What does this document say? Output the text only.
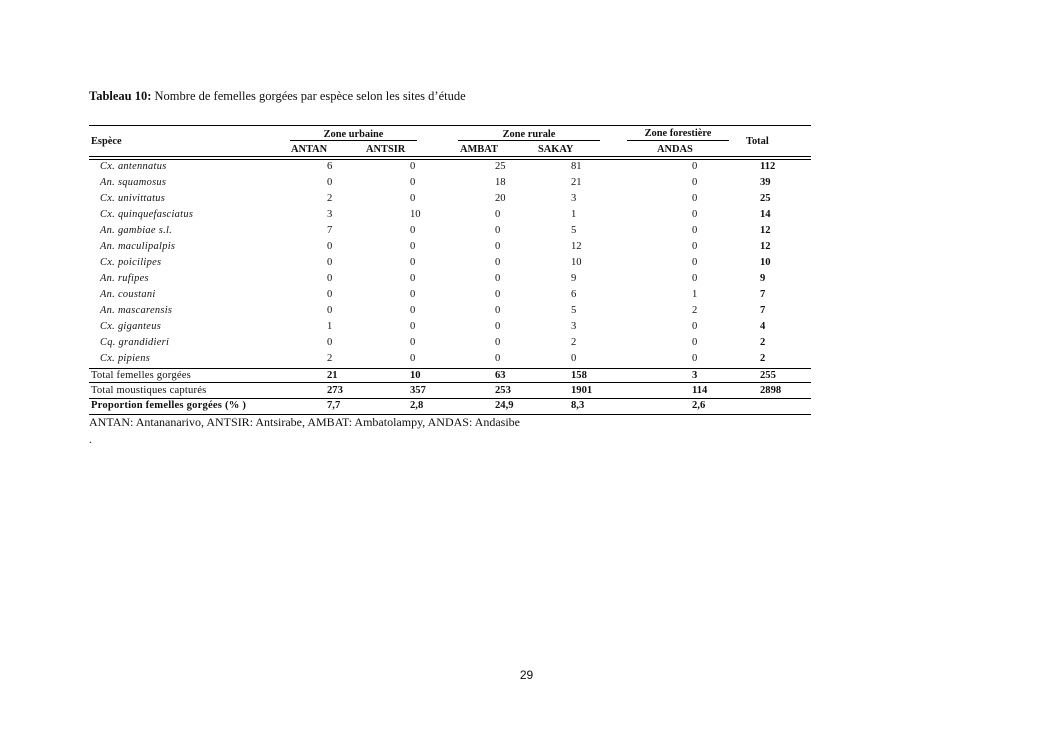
Tableau 10: Nombre de femelles gorgées par espèce selon les sites d’étude
Espèce
Zone urbaine	Zone rurale	Zone forestière
Total
ANTAN	ANTSIR	AMBAT	SAKAY	ANDAS
Cx. antennatus	6	0	25	81	0	112
An. squamosus	0	0	18	21	0	39
Cx. univittatus	2	0	20	3	0	25
Cx. quinquefasciatus	3	10	0	1	0	14
An. gambiae s.l.	7	0	0	5	0	12
An. maculipalpis	0	0	0	12	0	12
Cx. poicilipes	0	0	0	10	0	10
An. rufipes	0	0	0	9	0	9
An. coustani	0	0	0	6	1	7
An. mascarensis	0	0	0	5	2	7
Cx. giganteus	1	0	0	3	0	4
Cq. grandidieri	0	0	0	2	0	2
Cx. pipiens	2	0	0	0	0	2
Total femelles gorgées	21	10	63	158	3	255
Total moustiques capturés	273	357	253	1901	114	2898
Proportion femelles gorgées (% )	7,7	2,8	24,9	8,3	2,6
ANTAN: Antananarivo, ANTSIR: Antsirabe, AMBAT: Ambatolampy, ANDAS: Andasibe
.
29
